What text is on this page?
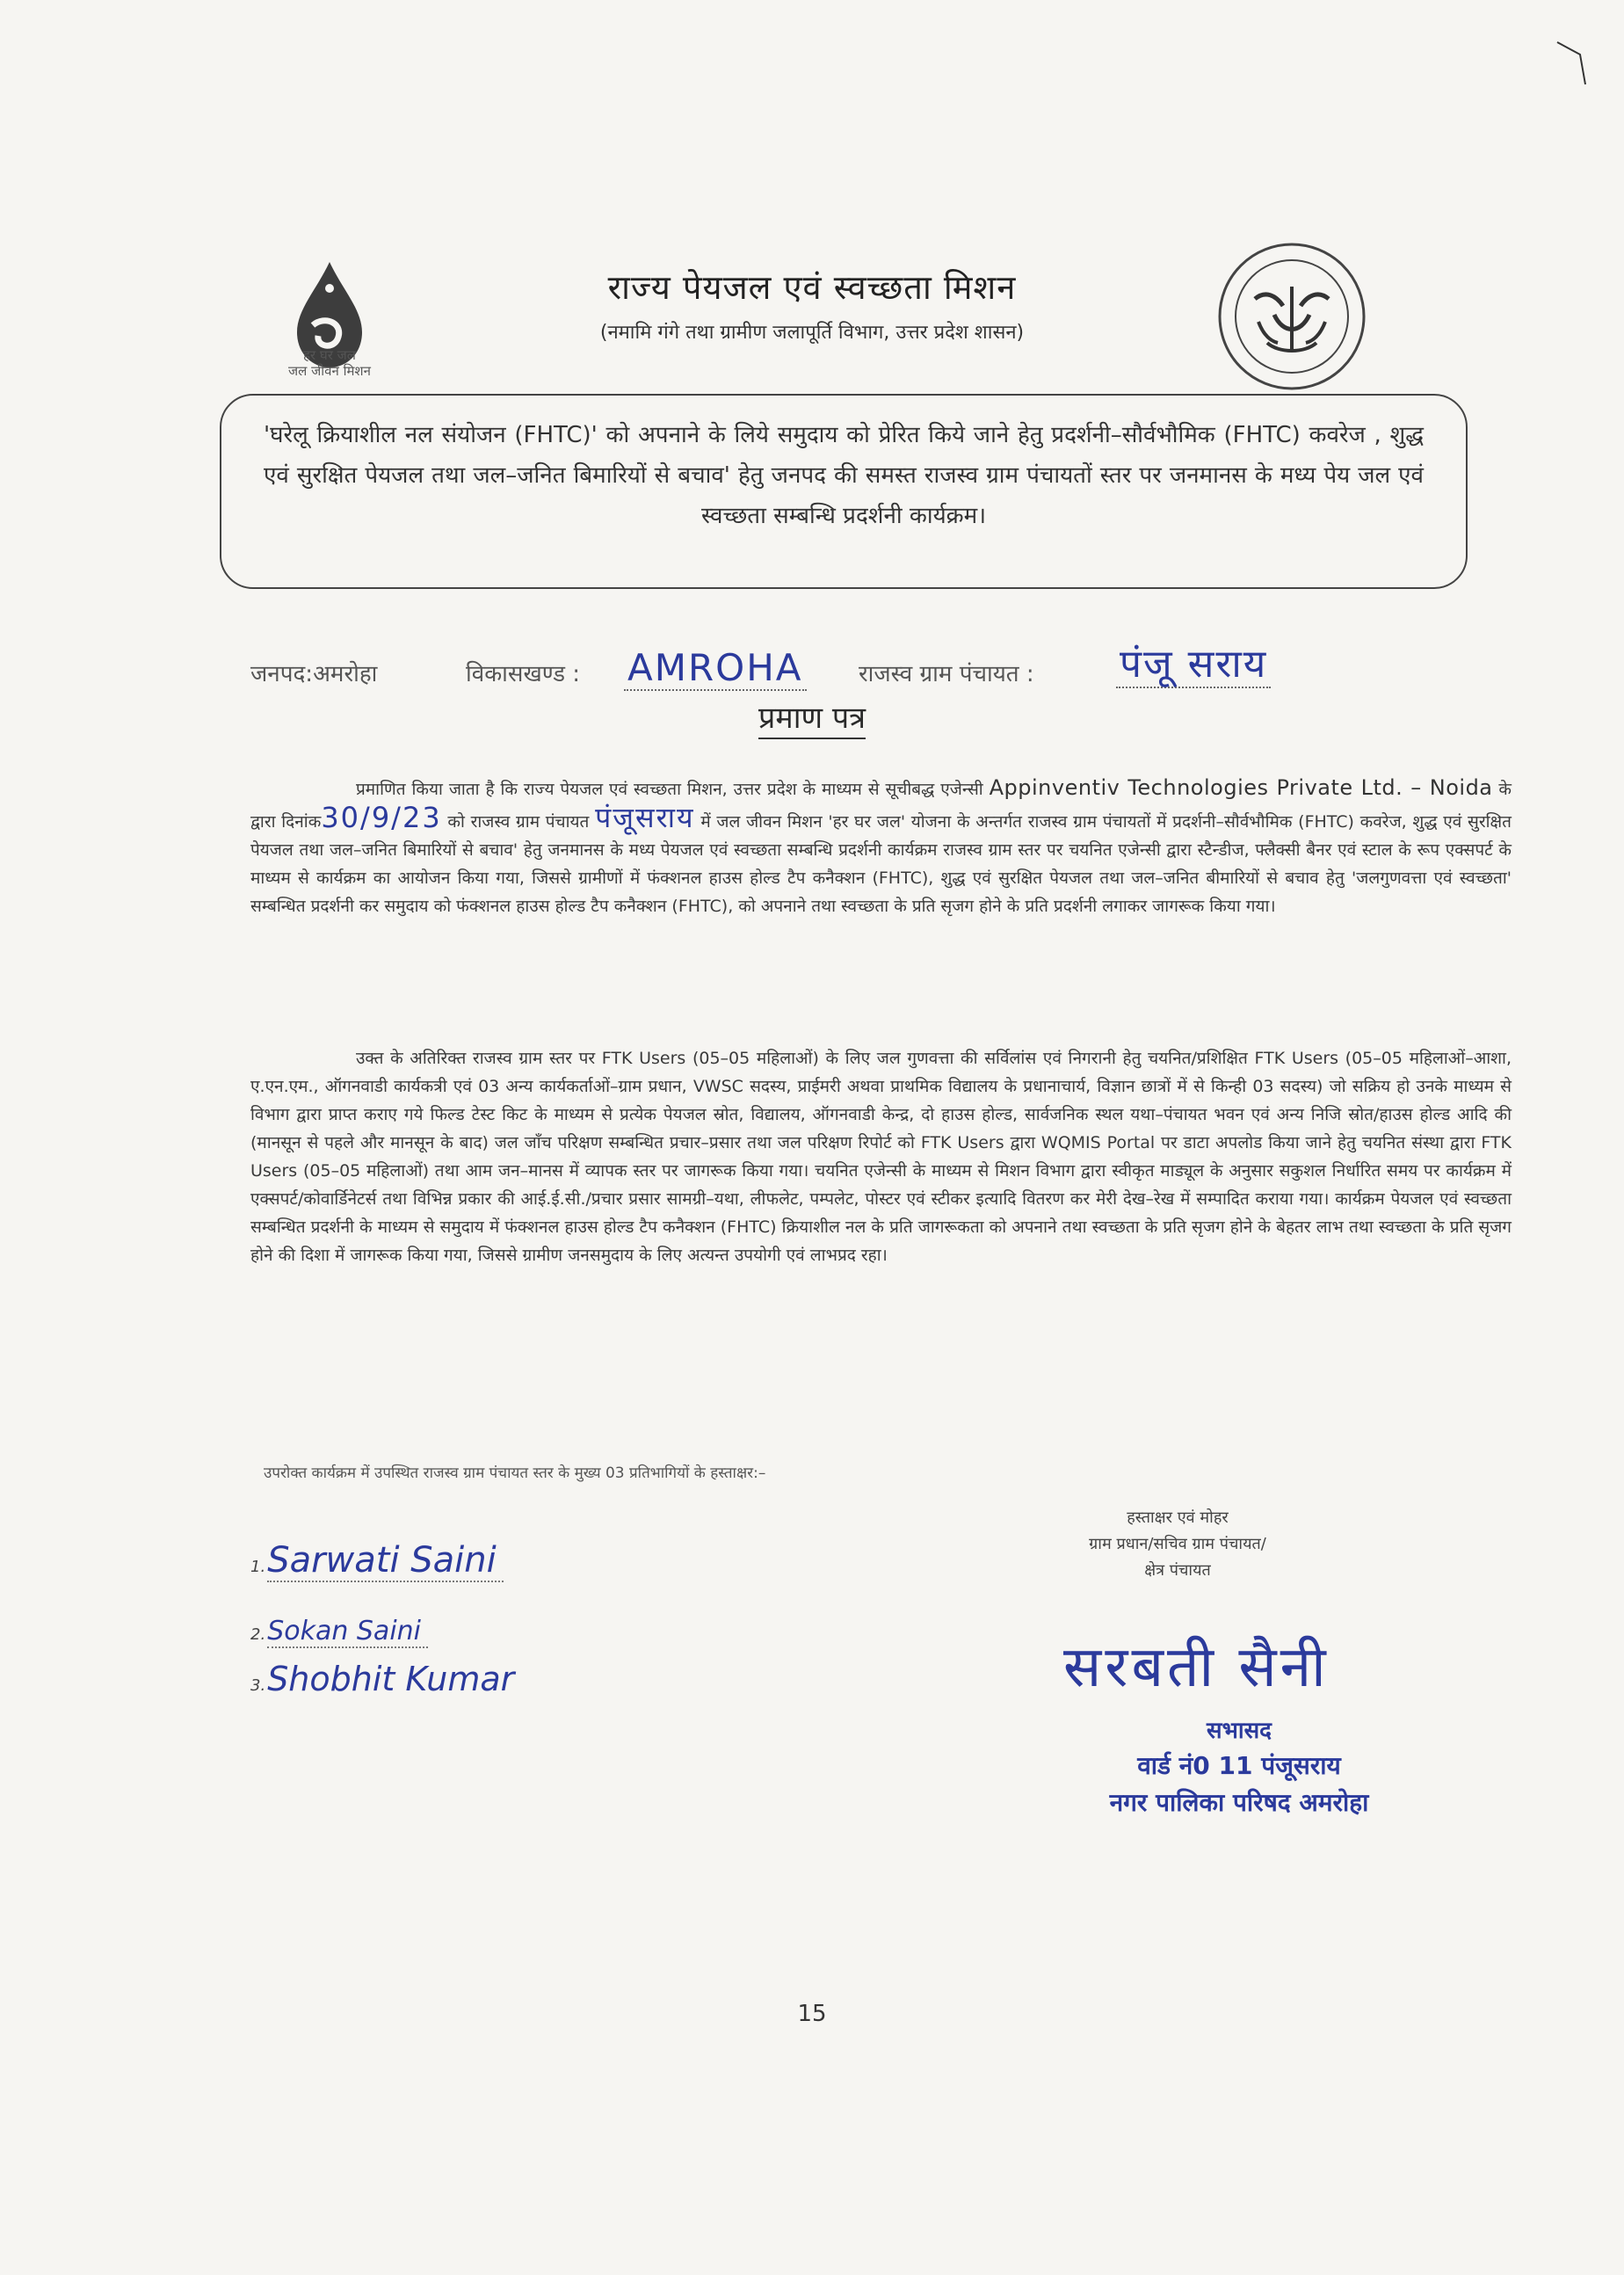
हर घर जल
जल जीवन मिशन
राज्य पेयजल एवं स्वच्छता मिशन
(नमामि गंगे तथा ग्रामीण जलापूर्ति विभाग, उत्तर प्रदेश शासन)
'घरेलू क्रियाशील नल संयोजन (FHTC)' को अपनाने के लिये समुदाय को प्रेरित किये जाने हेतु प्रदर्शनी–सौर्वभौमिक (FHTC) कवरेज , शुद्ध एवं सुरक्षित पेयजल तथा जल–जनित बिमारियों से बचाव' हेतु जनपद की समस्त राजस्व ग्राम पंचायतों स्तर पर जनमानस के मध्य पेय जल एवं स्वच्छता सम्बन्धि प्रदर्शनी कार्यक्रम।
जनपद:अमरोहा	विकासखण्ड : AMROHA राजस्व ग्राम पंचायत : पंजू सराय
प्रमाण पत्र
प्रमाणित किया जाता है कि राज्य पेयजल एवं स्वच्छता मिशन, उत्तर प्रदेश के माध्यम से सूचीबद्ध एजेन्सी Appinventiv Technologies Private Ltd. – Noida के द्वारा दिनांक30/9/23 को राजस्व ग्राम पंचायत पंजूसराय में जल जीवन मिशन 'हर घर जल' योजना के अन्तर्गत राजस्व ग्राम पंचायतों में प्रदर्शनी–सौर्वभौमिक (FHTC) कवरेज, शुद्ध एवं सुरक्षित पेयजल तथा जल–जनित बिमारियों से बचाव' हेतु जनमानस के मध्य पेयजल एवं स्वच्छता सम्बन्धि प्रदर्शनी कार्यक्रम राजस्व ग्राम स्तर पर चयनित एजेन्सी द्वारा स्टैन्डीज, फ्लैक्सी बैनर एवं स्टाल के रूप एक्सपर्ट के माध्यम से कार्यक्रम का आयोजन किया गया, जिससे ग्रामीणों में फंक्शनल हाउस होल्ड टैप कनैक्शन (FHTC), शुद्ध एवं सुरक्षित पेयजल तथा जल–जनित बीमारियों से बचाव हेतु 'जलगुणवत्ता एवं स्वच्छता' सम्बन्धित प्रदर्शनी कर समुदाय को फंक्शनल हाउस होल्ड टैप कनैक्शन (FHTC), को अपनाने तथा स्वच्छता के प्रति सृजग होने के प्रति प्रदर्शनी लगाकर जागरूक किया गया।
उक्त के अतिरिक्त राजस्व ग्राम स्तर पर FTK Users (05–05 महिलाओं) के लिए जल गुणवत्ता की सर्विलांस एवं निगरानी हेतु चयनित/प्रशिक्षित FTK Users (05–05 महिलाओं–आशा, ए.एन.एम., ऑगनवाडी कार्यकत्री एवं 03 अन्य कार्यकर्ताओं–ग्राम प्रधान, VWSC सदस्य, प्राईमरी अथवा प्राथमिक विद्यालय के प्रधानाचार्य, विज्ञान छात्रों में से किन्ही 03 सदस्य) जो सक्रिय हो उनके माध्यम से विभाग द्वारा प्राप्त कराए गये फिल्ड टेस्ट किट के माध्यम से प्रत्येक पेयजल स्रोत, विद्यालय, ऑगनवाडी केन्द्र, दो हाउस होल्ड, सार्वजनिक स्थल यथा–पंचायत भवन एवं अन्य निजि स्रोत/हाउस होल्ड आदि की (मानसून से पहले और मानसून के बाद) जल जाँच परिक्षण सम्बन्धित प्रचार–प्रसार तथा जल परिक्षण रिपोर्ट को FTK Users द्वारा WQMIS Portal पर डाटा अपलोड किया जाने हेतु चयनित संस्था द्वारा FTK Users (05–05 महिलाओं) तथा आम जन–मानस में व्यापक स्तर पर जागरूक किया गया। चयनित एजेन्सी के माध्यम से मिशन विभाग द्वारा स्वीकृत माड्यूल के अनुसार सकुशल निर्धारित समय पर कार्यक्रम में एक्सपर्ट/कोवार्डिनेटर्स तथा विभिन्न प्रकार की आई.ई.सी./प्रचार प्रसार सामग्री–यथा, लीफलेट, पम्पलेट, पोस्टर एवं स्टीकर इत्यादि वितरण कर मेरी देख–रेख में सम्पादित कराया गया। कार्यक्रम पेयजल एवं स्वच्छता सम्बन्धित प्रदर्शनी के माध्यम से समुदाय में फंक्शनल हाउस होल्ड टैप कनैक्शन (FHTC) क्रियाशील नल के प्रति जागरूकता को अपनाने तथा स्वच्छता के प्रति सृजग होने के बेहतर लाभ तथा स्वच्छता के प्रति सृजग होने की दिशा में जागरूक किया गया, जिससे ग्रामीण जनसमुदाय के लिए अत्यन्त उपयोगी एवं लाभप्रद रहा।
उपरोक्त कार्यक्रम में उपस्थित राजस्व ग्राम पंचायत स्तर के मुख्य 03 प्रतिभागियों के हस्ताक्षर:–
1.Sarwati Saini
2.Sokan Saini
3.Shobhit Kumar
हस्ताक्षर एवं मोहर
ग्राम प्रधान/सचिव ग्राम पंचायत/
क्षेत्र पंचायत
सरबती सैनी
सभासद
वार्ड नं0 11 पंजूसराय
नगर पालिका परिषद अमरोहा
15
